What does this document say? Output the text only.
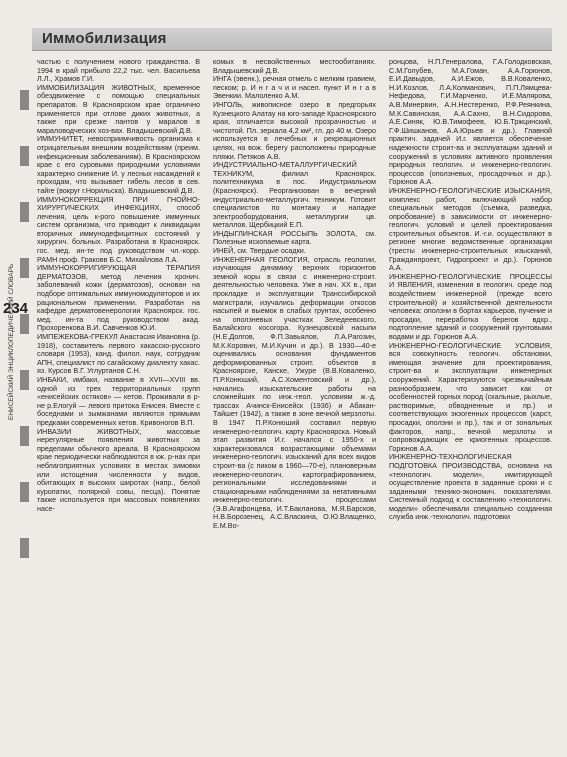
Иммобилизация
234
ЕНИСЕЙСКИЙ ЭНЦИКЛОПЕДИЧЕСКИЙ СЛОВАРЬ

частью с получением нового гражданства. В 1994 в край прибыло 22,2 тыс. чел. Васильева Л.Л., Храмов Г.И.

ИММОБИЛИЗАЦИЯ ЖИВОТНЫХ, временное обездвижение с помощью специальных препаратов. В Красноярском крае огранично применяется при отлове диких животных, а также при срезке пантов у маралов в мараловодческих хоз-вах. Владышевский Д.В.

ИММУНИТЕТ, невосприимчивость организма к отрицательным внешним воздействиям (преим. инфекционным заболеваниям). В Красноярском крае с его суровыми природными условиями характерно снижение И. у лесных насаждений к проходам, что вызывает гибель лесов в сев. тайге (вокруг г.Норильска). Владышевский Д.В.

ИММУНОКОРРЕКЦИЯ ПРИ ГНОЙНО-ХИРУРГИЧЕСКИХ ИНФЕКЦИЯХ, способ лечения, цель к-рого повышение иммунных систем организма, что приводит к ликвидации вторичных иммунодефицитных состояний у хирургич. больных. Разработана в Красноярск. гос. мед. ин-те под руководством чл.-корр. РАМН проф. Граковв Б.С. Михайлова Л.А.

ИММУНОКОРРИГИРУЮЩАЯ ТЕРАПИЯ ДЕРМАТОЗОВ, метод лечения хронич. заболеваний кожи (дерматозов), основан на подборе оптимальных иммуномодуляторов и их рациональном применении. Разработан на кафедре дерматовенерологии Красноярск. гос. мед. ин-та под руководством акад. Прохоренкова В.И. Савченков Ю.И.

ИМПЕЖЕКОВА-ГРЕКУЛ Анастасия Ивановна (р. 1918), составитель первого хакасско-русского словаря (1953), канд. филол. наук, сотрудник АПН, специалист по сагайскому диалекту хакас. яз. Курсов В.Г. Углуртанов С.Н.

ИНБАКИ, имбаки, название в XVII—XVIII вв. одной из трех территориальных групп «енисейских остяков» — кетов. Проживали в р-не р.Елогуй — левого притока Енисея. Вместе с боседнами и зымжанами являются прямыми предками современных кетов. Кривоногов В.П.

ИНВАЗИИ ЖИВОТНЫХ, массовые нерегулярные появления животных за пределами обычного ареала. В Красноярском крае периодически наблюдаются в кж. р-нах при неблагоприятных условиях в местах зимовки или истощения численности у видов, обитающих в высоких широтах (напр., белой куропатки, полярной совы, песца). Понятие также используется при массовых появлениях насе-

комых в несвойственных местообитаниях. Владышевский Д.В.

ИНГА (эвенк.), речная отмель с мелким гравием, песком; р. И н г а ч и и насел. пункт И н г а в Эвенкии. Малоленко А.М.

ИНГОЛЬ, живописное озеро в предгорьях Кузнецкого Алатау на юго-западе Красноярского края, отличается высокой прозрачностью и чистотой. Пл. зеркала 4,2 км², гл. до 40 м. Озеро используется в лечебных и рекреационных целях, на вож. берегу расположены природные пляжи. Петяков А.В.

ИНДУСТРИАЛЬНО-МЕТАЛЛУРГИЧЕСКИЙ ТЕХНИКУМ, филиал Красноярск. политехникума в пос. Индустриальном (Красноярск). Реорганизован в вечерний индустриально-металлургич. техникум. Готовит специалистов по монтажу и наладке электрооборудования, металлургии цв. металлов. Щербицкий Е.П.

ИНДЫГЛИНСКАЯ РОССЫПЬ ЗОЛОТА, см. Полезные ископаемые карта.

ИНЕЙ, см. Твердые осадки.

ИНЖЕНЕРНАЯ ГЕОЛОГИЯ, отрасль геологии, изучающая динамику верхних горизонтов земной коры в связи с инженерно-строит. деятельностью человека. Уже в нач. XX в., при прокладке и эксплуатации Транссибирской магистрали, изучались деформации откосов насыпей и выемок в слабых грунтах, особенно на оползневых участках Зеледеевского, Балайского косогора. Кузнецовской насыпи (Н.Е.Долгов, Ф.П.Завьялов, Л.А.Рагозин, М.К.Коровин, М.И.Кучин и др.). В 1930—40-е оценивались основания фундаментов деформированных строит. объектов в Красноярске, Канске, Ужуре (В.В.Коваленко, П.Р.Конюший, А.С.Хоментовский и др.), начались изыскательские работы на сложнейших по инж.-геол. условиям ж.-д. трассах Ачинск-Енисейск (1936) и Абакан-Тайшет (1942), а также в зоне вечной мерзлоты. В 1947 П.Р.Конюший составил первую инженерно-геологич. карту Красноярска. Новый этап развития И.г. начался с 1950-х и характеризовался возрастающими объемами инженерно-геологич. изысканий для всех видов строит-ва (с пиком в 1960—70-е), плановерным инженерно-геологич. картографированием, региональными исследованиями и стационарными наблюдениями за негативными инженерно-геологич. процессами (Э.В.Агафонцева, И.Т.Бакланова, М.Я.Барсков, Н.В.Борозенец, А.С.Власкина, О.Ю.Влащенко, Е.М.Во-

ронцова, Н.П.Генералова, Г.А.Голодковская, С.М.Голубев, М.А.Гоман, А.А.Горюнов, Е.И.Давыдов, А.И.Ежов, В.В.Коваленко, Н.И.Козлов, Л.А.Колманович, П.П.Лямцева-Нефедова, Г.И.Марченко, И.Е.Малярова, А.В.Минервин, А.Н.Нестеренко, Р.Ф.Реянкина, М.К.Савинская, А.А.Сахно, В.Н.Сидорова, А.Е.Синяк, Ю.В.Тимофеев, Ю.Б.Тржцинский, Г.Ф.Шишканов, А.А.Юрьев и др.). Главной практич. задачей И.г. является обеспечение надежности строит-ва и эксплуатации зданий и сооружений в условиях активного проявления природных геологич. и инженерно-геологич. процессов (оползневых, просадочных и др.). Горюнов А.А.

ИНЖЕНЕРНО-ГЕОЛОГИЧЕСКИЕ ИЗЫСКАНИЯ, комплекс работ, включающий набор специальных методов (съемка, разведка, опробование) в зависимости от инженерно-геологич. условий и целей проектирования строительных объектов. И.-г.и. осуществляют в регионе многие ведомственные организации (тресты инженерно-строительных изысканий, Гражданпроект, Гидропроект и др.). Горюнов А.А.

ИНЖЕНЕРНО-ГЕОЛОГИЧЕСКИЕ ПРОЦЕССЫ И ЯВЛЕНИЯ, изменения в геологич. среде под воздействием инженерной (прежде всего строительной) и хозяйственной деятельности человека: оползни в бортах карьеров, пучение и просадки, переработка берегов вдхр., подтопление зданий и сооружений грунтовыми водами и др. Горюнов А.А.

ИНЖЕНЕРНО-ГЕОЛОГИЧЕСКИЕ УСЛОВИЯ, вся совокупность геологич. обстановки, имеющая значение для проектирования, строит-ва и эксплуатации инженерных сооружений. Характеризуются чрезвычайным разнообразием, что зависит как от особенностей горных пород (скальные, рыхлые, растворимые, обводненные и пр.) и соответствующих экзогенных процессов (карст, просадки, оползни и пр.), так и от зональных факторов, напр., вечной мерзлоты и сопровождающих ее криогенных процессов. Горюнов А.А.

ИНЖЕНЕРНО-ТЕХНОЛОГИЧЕСКАЯ ПОДГОТОВКА ПРОИЗВОДСТВА, основана на «технологич. модели», имитирующей осуществление проекта в заданные сроки и с заданными технико-экономич. показателями. Системный подход к составлению «технологич. модели» обеспечивали специально созданная служба инж.-технологич. подготовки
